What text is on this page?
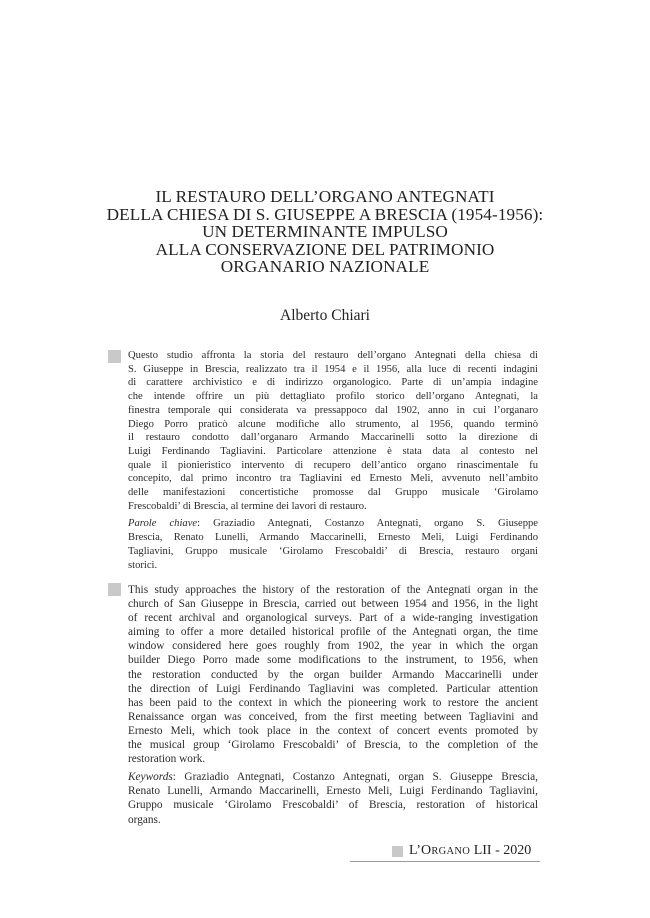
IL RESTAURO DELL’ORGANO ANTEGNATI
DELLA CHIESA DI S. GIUSEPPE A BRESCIA (1954-1956):
UN DETERMINANTE IMPULSO
ALLA CONSERVAZIONE DEL PATRIMONIO
ORGANARIO NAZIONALE
Alberto Chiari
Questo studio affronta la storia del restauro dell’organo Antegnati della chiesa di
S. Giuseppe in Brescia, realizzato tra il 1954 e il 1956, alla luce di recenti indagini
di carattere archivistico e di indirizzo organologico. Parte di un’ampia indagine
che intende offrire un più dettagliato profilo storico dell’organo Antegnati, la
finestra temporale qui considerata va pressappoco dal 1902, anno in cui l’organaro
Diego Porro praticò alcune modifiche allo strumento, al 1956, quando terminò
il restauro condotto dall’organaro Armando Maccarinelli sotto la direzione di
Luigi Ferdinando Tagliavini. Particolare attenzione è stata data al contesto nel
quale il pionieristico intervento di recupero dell’antico organo rinascimentale fu
concepito, dal primo incontro tra Tagliavini ed Ernesto Meli, avvenuto nell’ambito
delle manifestazioni concertistiche promosse dal Gruppo musicale ‘Girolamo
Frescobaldi’ di Brescia, al termine dei lavori di restauro.
Parole chiave: Graziadio Antegnati, Costanzo Antegnati, organo S. Giuseppe
Brescia, Renato Lunelli, Armando Maccarinelli, Ernesto Meli, Luigi Ferdinando
Tagliavini, Gruppo musicale ‘Girolamo Frescobaldi’ di Brescia, restauro organi
storici.
This study approaches the history of the restoration of the Antegnati organ in the
church of San Giuseppe in Brescia, carried out between 1954 and 1956, in the light
of recent archival and organological surveys. Part of a wide-ranging investigation
aiming to offer a more detailed historical profile of the Antegnati organ, the time
window considered here goes roughly from 1902, the year in which the organ
builder Diego Porro made some modifications to the instrument, to 1956, when
the restoration conducted by the organ builder Armando Maccarinelli under
the direction of Luigi Ferdinando Tagliavini was completed. Particular attention
has been paid to the context in which the pioneering work to restore the ancient
Renaissance organ was conceived, from the first meeting between Tagliavini and
Ernesto Meli, which took place in the context of concert events promoted by
the musical group ‘Girolamo Frescobaldi’ of Brescia, to the completion of the
restoration work.
Keywords: Graziadio Antegnati, Costanzo Antegnati, organ S. Giuseppe Brescia,
Renato Lunelli, Armando Maccarinelli, Ernesto Meli, Luigi Ferdinando Tagliavini,
Gruppo musicale ‘Girolamo Frescobaldi’ of Brescia, restoration of historical
organs.
L’ORGANO LII - 2020
